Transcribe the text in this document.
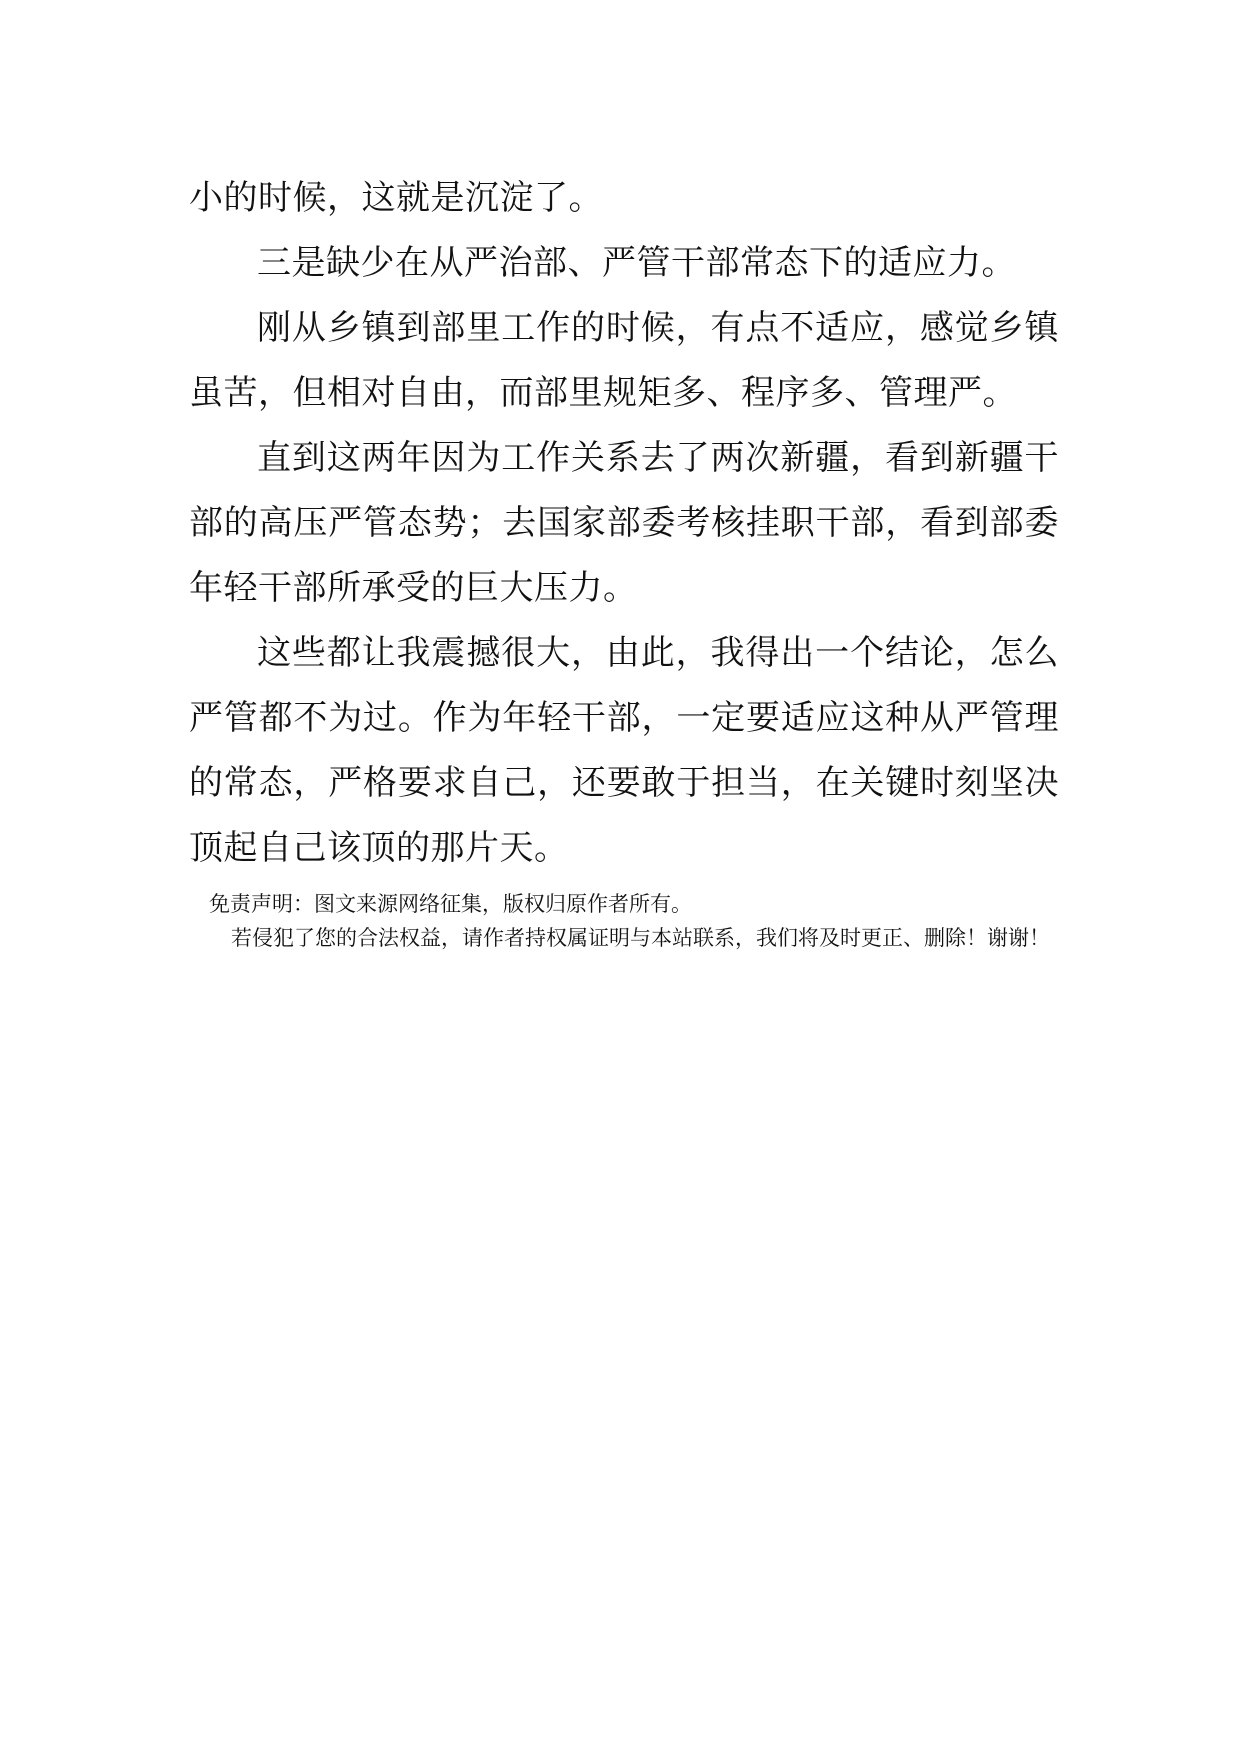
小的时候，这就是沉淀了。

三是缺少在从严治部、严管干部常态下的适应力。

刚从乡镇到部里工作的时候，有点不适应，感觉乡镇虽苦，但相对自由，而部里规矩多、程序多、管理严。

直到这两年因为工作关系去了两次新疆，看到新疆干部的高压严管态势；去国家部委考核挂职干部，看到部委年轻干部所承受的巨大压力。

这些都让我震撼很大，由此，我得出一个结论，怎么严管都不为过。作为年轻干部，一定要适应这种从严管理的常态，严格要求自己，还要敢于担当，在关键时刻坚决顶起自己该顶的那片天。

免责声明：图文来源网络征集，版权归原作者所有。

若侵犯了您的合法权益，请作者持权属证明与本站联系，我们将及时更正、删除！谢谢！
